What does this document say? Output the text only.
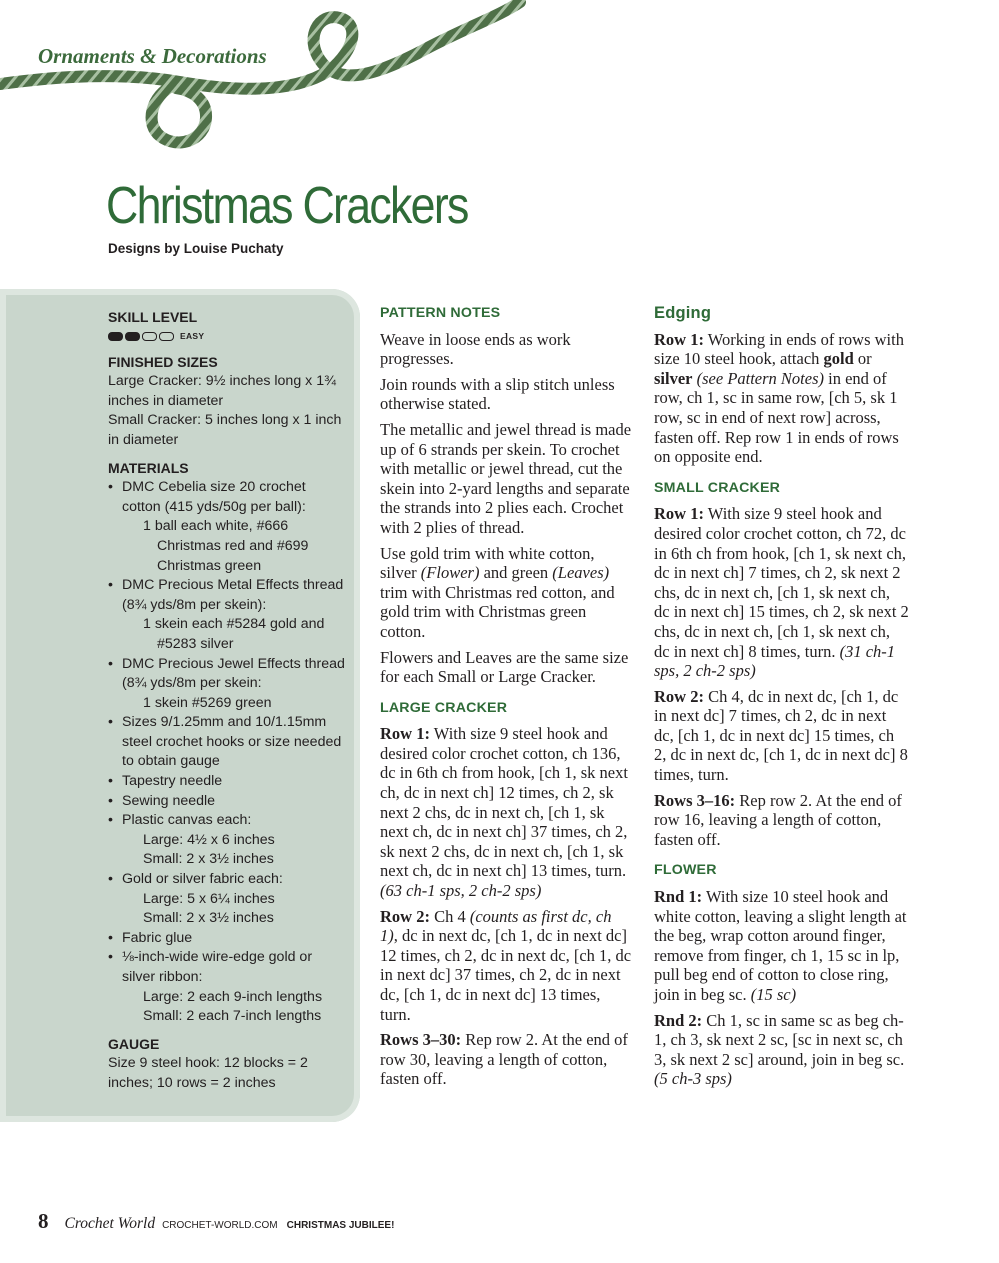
Ornaments & Decorations
Christmas Crackers
Designs by Louise Puchaty

SKILL LEVEL

EASY

FINISHED SIZES

Large Cracker: 9½ inches long x 1¾ inches in diameter

Small Cracker: 5 inches long x 1 inch in diameter

MATERIALS

• DMC Cebelia size 20 crochet cotton (415 yds/50g per ball):

1 ball each white, #666 Christmas red and #699 Christmas green

• DMC Precious Metal Effects thread (8¾ yds/8m per skein):

1 skein each #5284 gold and #5283 silver

• DMC Precious Jewel Effects thread (8¾ yds/8m per skein:

1 skein #5269 green

• Sizes 9/1.25mm and 10/1.15mm steel crochet hooks or size needed to obtain gauge
• Tapestry needle
• Sewing needle
• Plastic canvas each:

Large: 4½ x 6 inches

Small: 2 x 3½ inches

• Gold or silver fabric each:

Large: 5 x 6¼ inches

Small: 2 x 3½ inches

• Fabric glue
• ⅛-inch-wide wire-edge gold or silver ribbon:

Large: 2 each 9-inch lengths

Small: 2 each 7-inch lengths

GAUGE

Size 9 steel hook: 12 blocks = 2 inches; 10 rows = 2 inches

PATTERN NOTES

Weave in loose ends as work progresses.

Join rounds with a slip stitch unless otherwise stated.

The metallic and jewel thread is made up of 6 strands per skein. To crochet with metallic or jewel thread, cut the skein into 2-yard lengths and separate the strands into 2 plies each. Crochet with 2 plies of thread.

Use gold trim with white cotton, silver (Flower) and green (Leaves) trim with Christmas red cotton, and gold trim with Christmas green cotton.

Flowers and Leaves are the same size for each Small or Large Cracker.

LARGE CRACKER

Row 1: With size 9 steel hook and desired color crochet cotton, ch 136, dc in 6th ch from hook, [ch 1, sk next ch, dc in next ch] 12 times, ch 2, sk next 2 chs, dc in next ch, [ch 1, sk next ch, dc in next ch] 37 times, ch 2, sk next 2 chs, dc in next ch, [ch 1, sk next ch, dc in next ch] 13 times, turn. (63 ch-1 sps, 2 ch-2 sps)

Row 2: Ch 4 (counts as first dc, ch 1), dc in next dc, [ch 1, dc in next dc] 12 times, ch 2, dc in next dc, [ch 1, dc in next dc] 37 times, ch 2, dc in next dc, [ch 1, dc in next dc] 13 times, turn.

Rows 3–30: Rep row 2. At the end of row 30, leaving a length of cotton, fasten off.

Edging

Row 1: Working in ends of rows with size 10 steel hook, attach gold or silver (see Pattern Notes) in end of row, ch 1, sc in same row, [ch 5, sk 1 row, sc in end of next row] across, fasten off. Rep row 1 in ends of rows on opposite end.

SMALL CRACKER

Row 1: With size 9 steel hook and desired color crochet cotton, ch 72, dc in 6th ch from hook, [ch 1, sk next ch, dc in next ch] 7 times, ch 2, sk next 2 chs, dc in next ch, [ch 1, sk next ch, dc in next ch] 15 times, ch 2, sk next 2 chs, dc in next ch, [ch 1, sk next ch, dc in next ch] 8 times, turn. (31 ch-1 sps, 2 ch-2 sps)

Row 2: Ch 4, dc in next dc, [ch 1, dc in next dc] 7 times, ch 2, dc in next dc, [ch 1, dc in next dc] 15 times, ch 2, dc in next dc, [ch 1, dc in next dc] 8 times, turn.

Rows 3–16: Rep row 2. At the end of row 16, leaving a length of cotton, fasten off.

FLOWER

Rnd 1: With size 10 steel hook and white cotton, leaving a slight length at the beg, wrap cotton around finger, remove from finger, ch 1, 15 sc in lp, pull beg end of cotton to close ring, join in beg sc. (15 sc)

Rnd 2: Ch 1, sc in same sc as beg ch-1, ch 3, sk next 2 sc, [sc in next sc, ch 3, sk next 2 sc] around, join in beg sc. (5 ch-3 sps)

8 Crochet World CROCHET-WORLD.COM CHRISTMAS JUBILEE!
